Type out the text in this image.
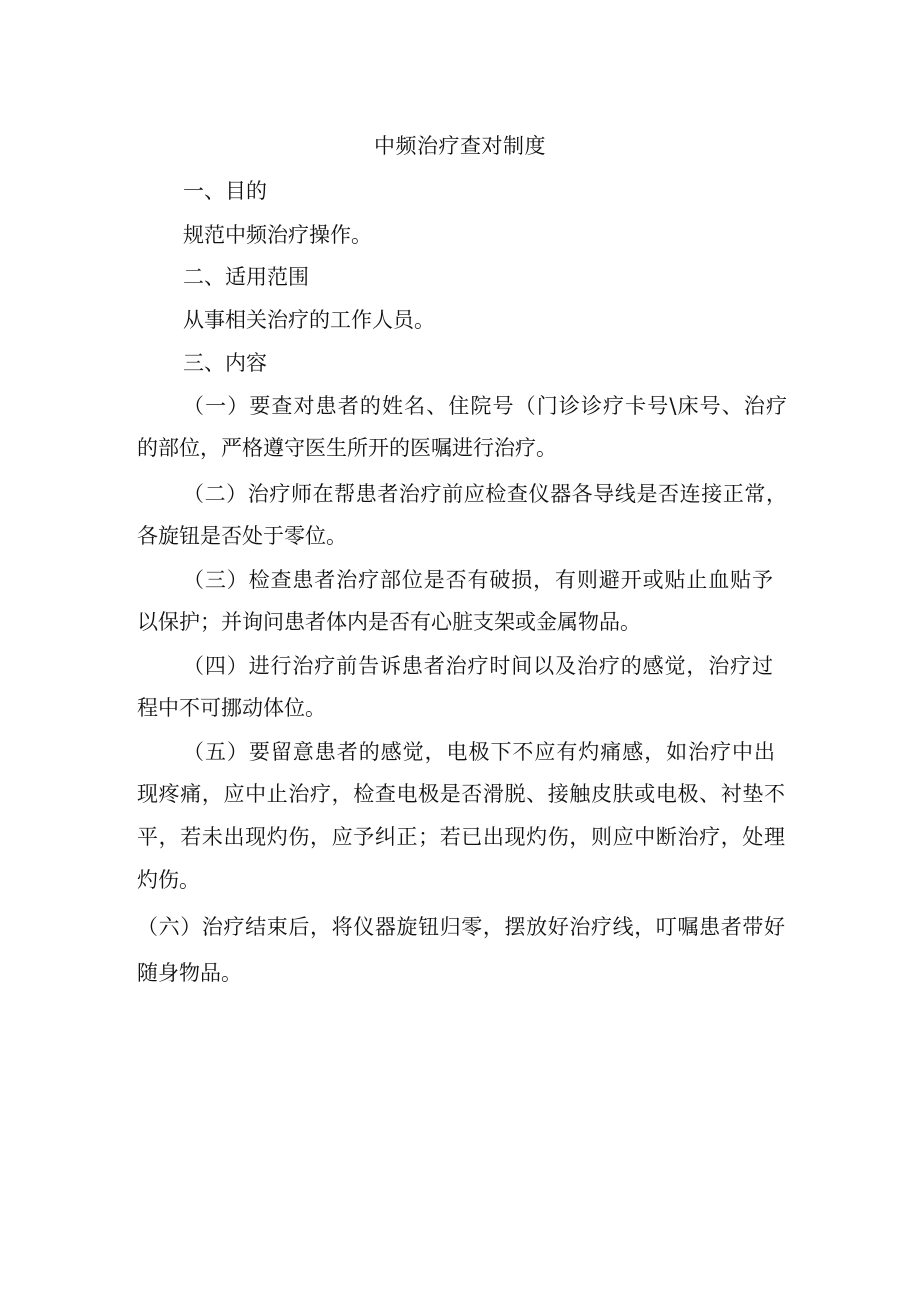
中频治疗查对制度
一、目的
规范中频治疗操作。
二、适用范围
从事相关治疗的工作人员。
三、内容
（一）要查对患者的姓名、住院号（门诊诊疗卡号\床号、治疗
的部位，严格遵守医生所开的医嘱进行治疗。
（二）治疗师在帮患者治疗前应检查仪器各导线是否连接正常，
各旋钮是否处于零位。
（三）检查患者治疗部位是否有破损，有则避开或贴止血贴予
以保护；并询问患者体内是否有心脏支架或金属物品。
（四）进行治疗前告诉患者治疗时间以及治疗的感觉，治疗过
程中不可挪动体位。
（五）要留意患者的感觉，电极下不应有灼痛感，如治疗中出
现疼痛，应中止治疗，检查电极是否滑脱、接触皮肤或电极、衬垫不
平，若未出现灼伤，应予纠正；若已出现灼伤，则应中断治疗，处理
灼伤。
（六）治疗结束后，将仪器旋钮归零，摆放好治疗线，叮嘱患者带好
随身物品。
